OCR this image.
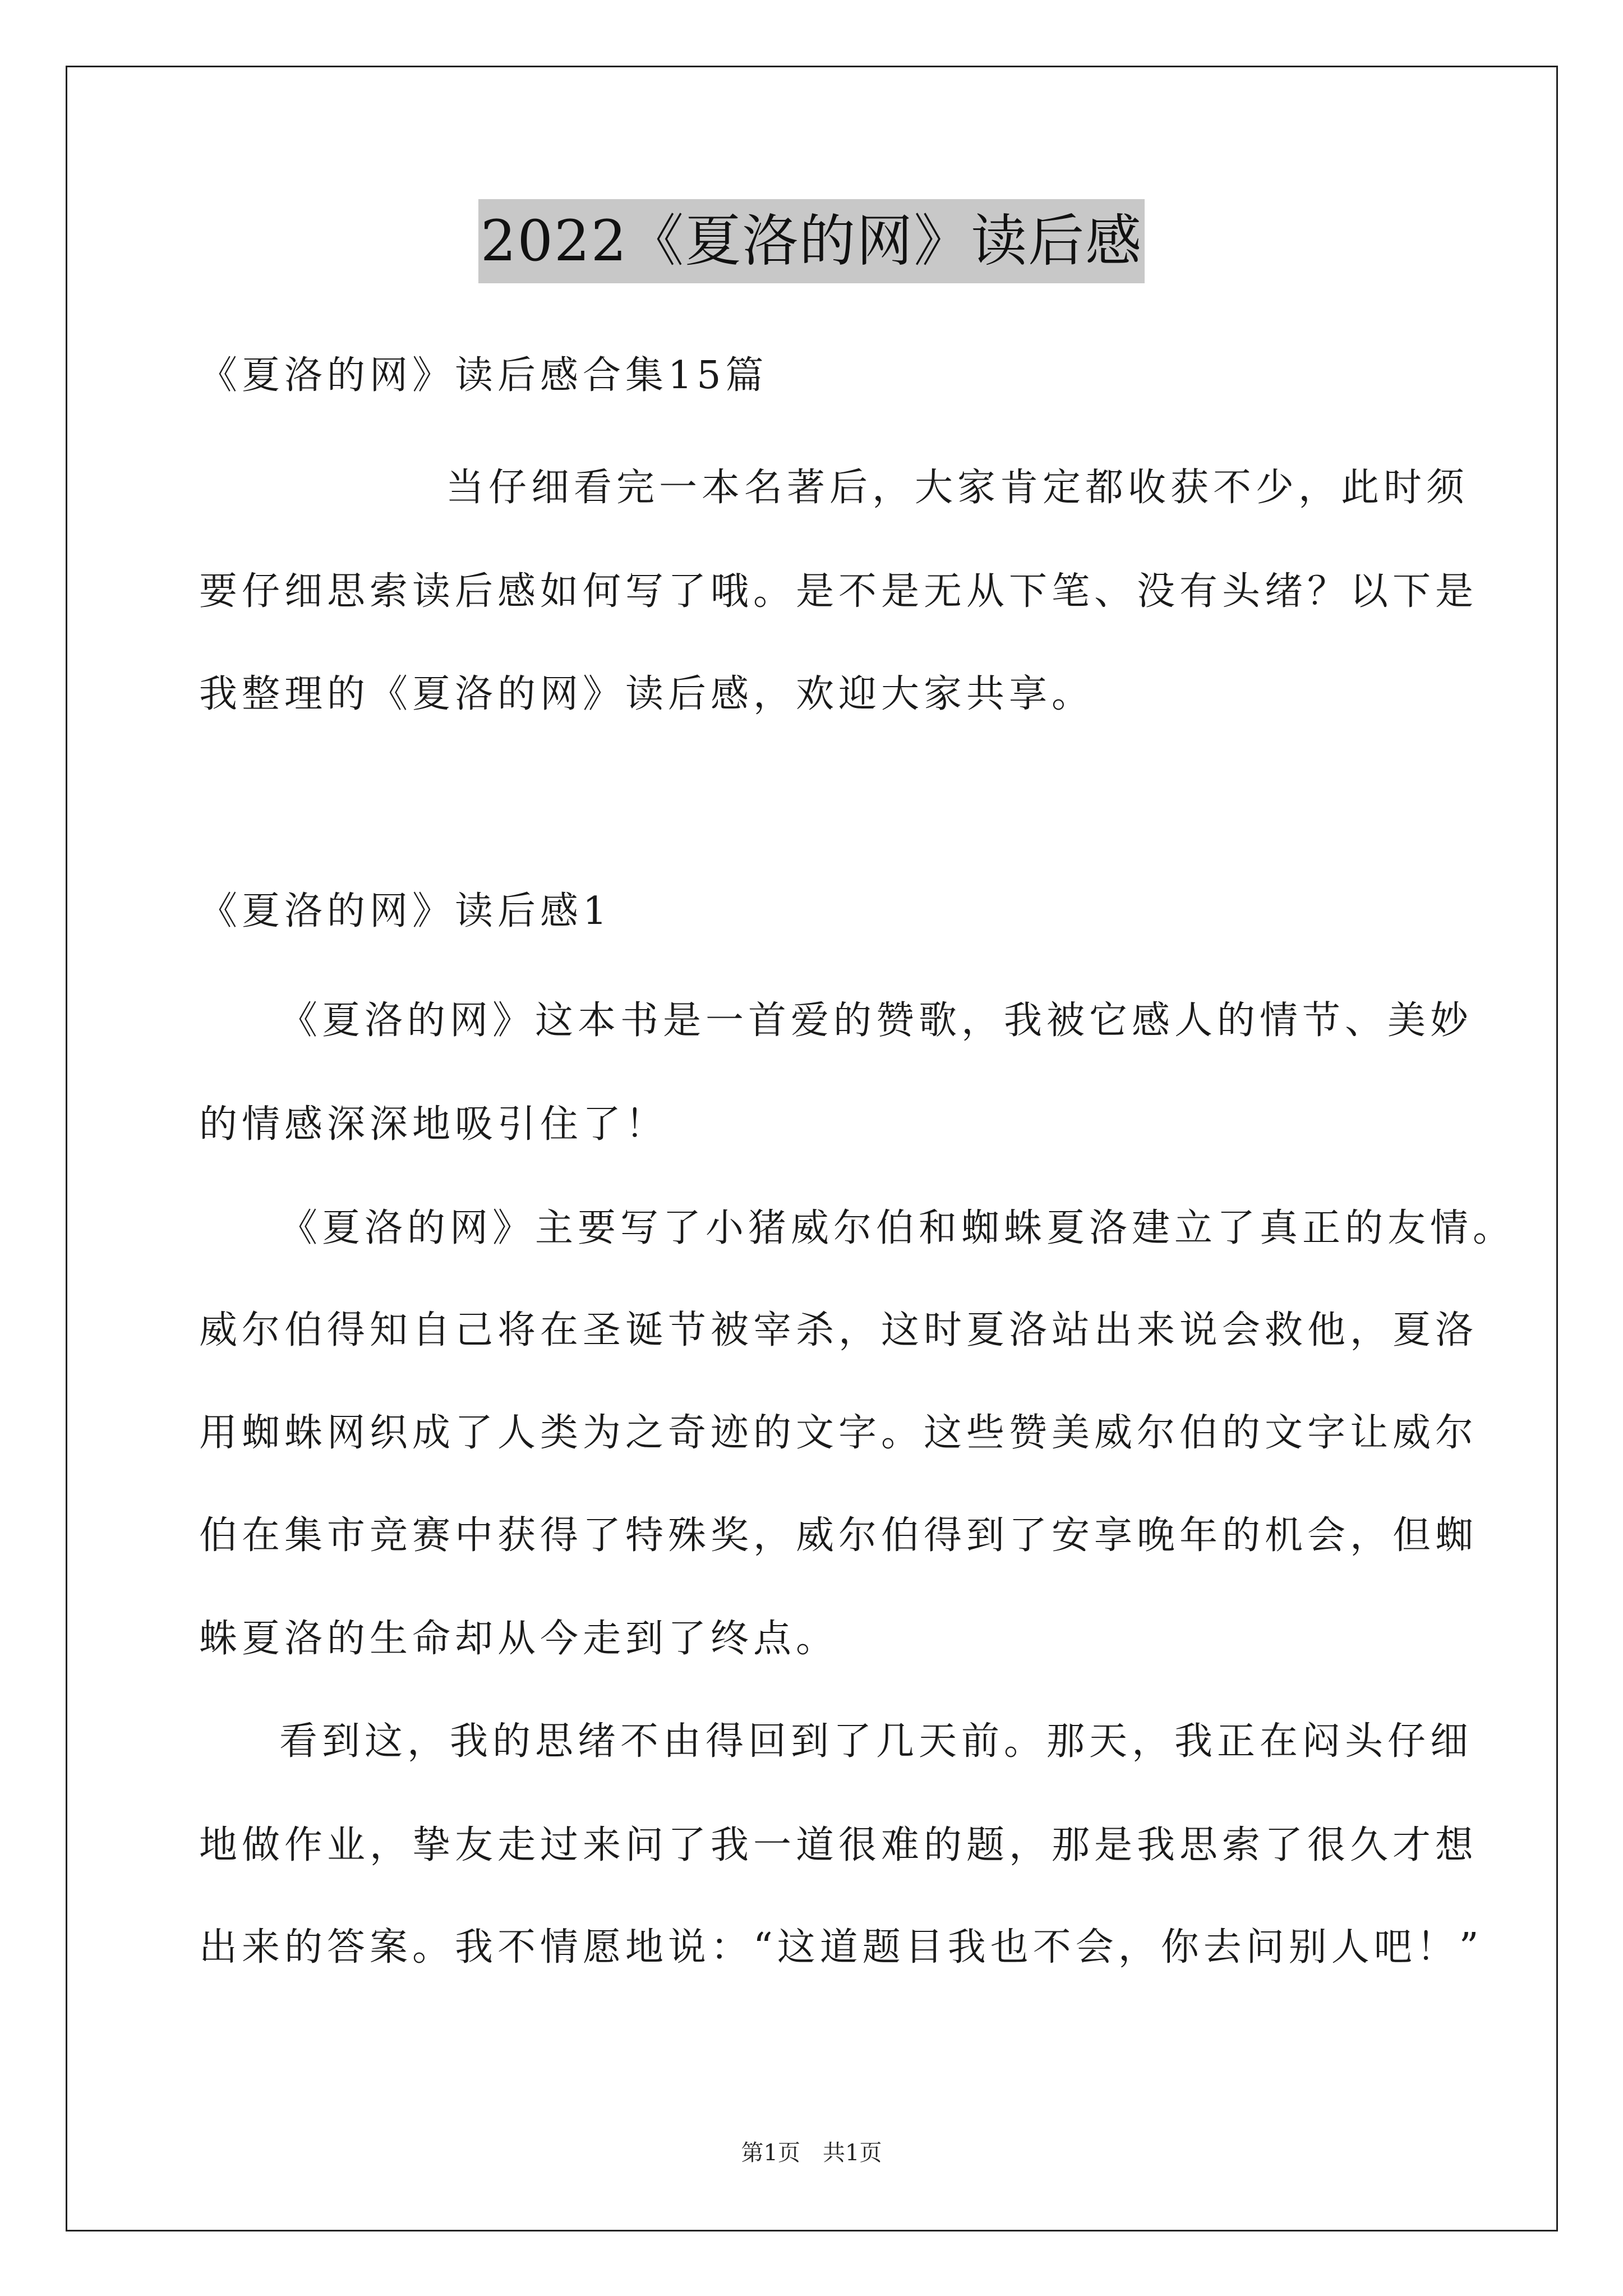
2022《夏洛的网》读后感
《夏洛的网》读后感合集15篇
当仔细看完一本名著后，大家肯定都收获不少，此时须
要仔细思索读后感如何写了哦。是不是无从下笔、没有头绪？以下是
我整理的《夏洛的网》读后感，欢迎大家共享。
《夏洛的网》读后感1
《夏洛的网》这本书是一首爱的赞歌，我被它感人的情节、美妙
的情感深深地吸引住了！
《夏洛的网》主要写了小猪威尔伯和蜘蛛夏洛建立了真正的友情。
威尔伯得知自己将在圣诞节被宰杀，这时夏洛站出来说会救他，夏洛
用蜘蛛网织成了人类为之奇迹的文字。这些赞美威尔伯的文字让威尔
伯在集市竞赛中获得了特殊奖，威尔伯得到了安享晚年的机会，但蜘
蛛夏洛的生命却从今走到了终点。
看到这，我的思绪不由得回到了几天前。那天，我正在闷头仔细
地做作业，挚友走过来问了我一道很难的题，那是我思索了很久才想
出来的答案。我不情愿地说：“这道题目我也不会，你去问别人吧！”
第1页　共1页
